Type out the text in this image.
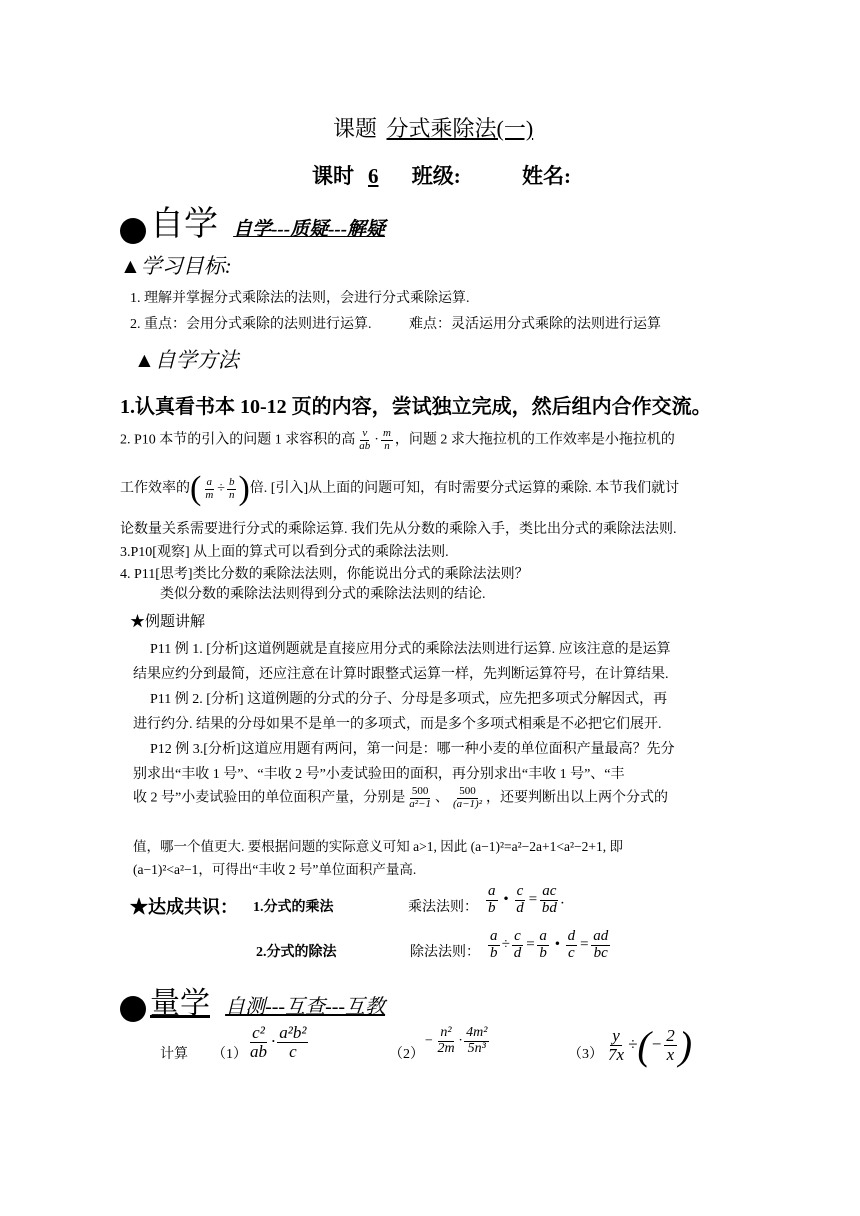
课题 分式乘除法(一)
课时 6 班级:	姓名:
自学 自学---质疑---解疑
▲学习目标:
1. 理解并掌握分式乘除法的法则，会进行分式乘除运算.
2. 重点：会用分式乘除的法则进行运算.	难点：灵活运用分式乘除的法则进行运算
▲自学方法
1.认真看书本 10-12 页的内容，尝试独立完成，然后组内合作交流。
2. P10 本节的引入的问题 1 求容积的高 $\frac{v}{ab} \cdot \frac{m}{n}$ ，问题 2 求大拖拉机的工作效率是小拖拉机的
工作效率的( $\frac{a}{m} \div \frac{b}{n}$ )倍. [引入]从上面的问题可知，有时需要分式运算的乘除. 本节我们就讨
论数量关系需要进行分式的乘除运算. 我们先从分数的乘除入手，类比出分式的乘除法法则.
3.P10[观察] 从上面的算式可以看到分式的乘除法法则.
4. P11[思考]类比分数的乘除法法则，你能说出分式的乘除法法则？
类似分数的乘除法法则得到分式的乘除法法则的结论.
★例题讲解
P11 例 1. [分析]这道例题就是直接应用分式的乘除法法则进行运算. 应该注意的是运算
结果应约分到最简，还应注意在计算时跟整式运算一样，先判断运算符号，在计算结果.
P11 例 2. [分析] 这道例题的分式的分子、分母是多项式，应先把多项式分解因式，再
进行约分. 结果的分母如果不是单一的多项式，而是多个多项式相乘是不必把它们展开.
P12 例 3.[分析]这道应用题有两问，第一问是：哪一种小麦的单位面积产量最高？先分
别求出“丰收 1 号”、“丰收 2 号”小麦试验田的面积，再分别求出“丰收 1 号”、“丰
收 2 号”小麦试验田的单位面积产量，分别是 $\frac{500}{\text{a²−1}}$ 、 $\frac{500}{\text{(a−1)²}}$ ，还要判断出以上两个分式的
值，哪一个值更大. 要根据问题的实际意义可知 a>1, 因此 (a−1)²=a²−2a+1<a²−2+1, 即
(a−1)²<a²−1，可得出“丰收 2 号”单位面积产量高.
★达成共识： 1.分式的乘法	乘法法则： $\frac{a}{b}$ • $\frac{c}{d} = \frac{ac}{bd}$ .
2.分式的除法	除法法则： $\frac{a}{b} \div \frac{c}{d} = \frac{a}{b}$ • $\frac{d}{c} = \frac{ad}{bc}$
量学 自测---互查---互教
计算 $(1) \frac{\text{c²}}{ab} \cdot \frac{\text{a²b²}}{c}$	（2）
− $\frac{\text{n²}}{2m} \cdot \frac{\text{4m²}}{\text{5n³}}$	$(3) \frac{y}{7x}$ ÷(− $\frac{2}{x}$ )
